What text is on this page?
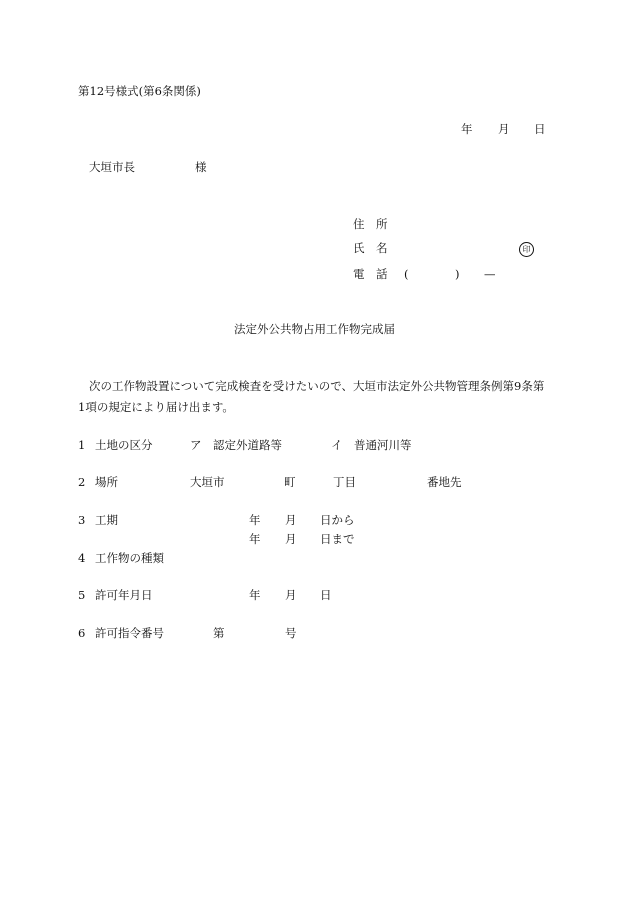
第12号様式(第6条関係)
年 月 日
大垣市長	様
住　所
氏　名	印
電　話 (	) —
法定外公共物占用工作物完成届
次の工作物設置について完成検査を受けたいので、大垣市法定外公共物管理条例第9条第
1項の規定により届け出ます。
1 土地の区分	ア　認定外道路等	イ　普通河川等
2 場所	大垣市	町	丁目	番地先
3 工期	年 月 日から
年 月 日まで
4 工作物の種類
5 許可年月日	年 月 日
6 許可指令番号	第	号
